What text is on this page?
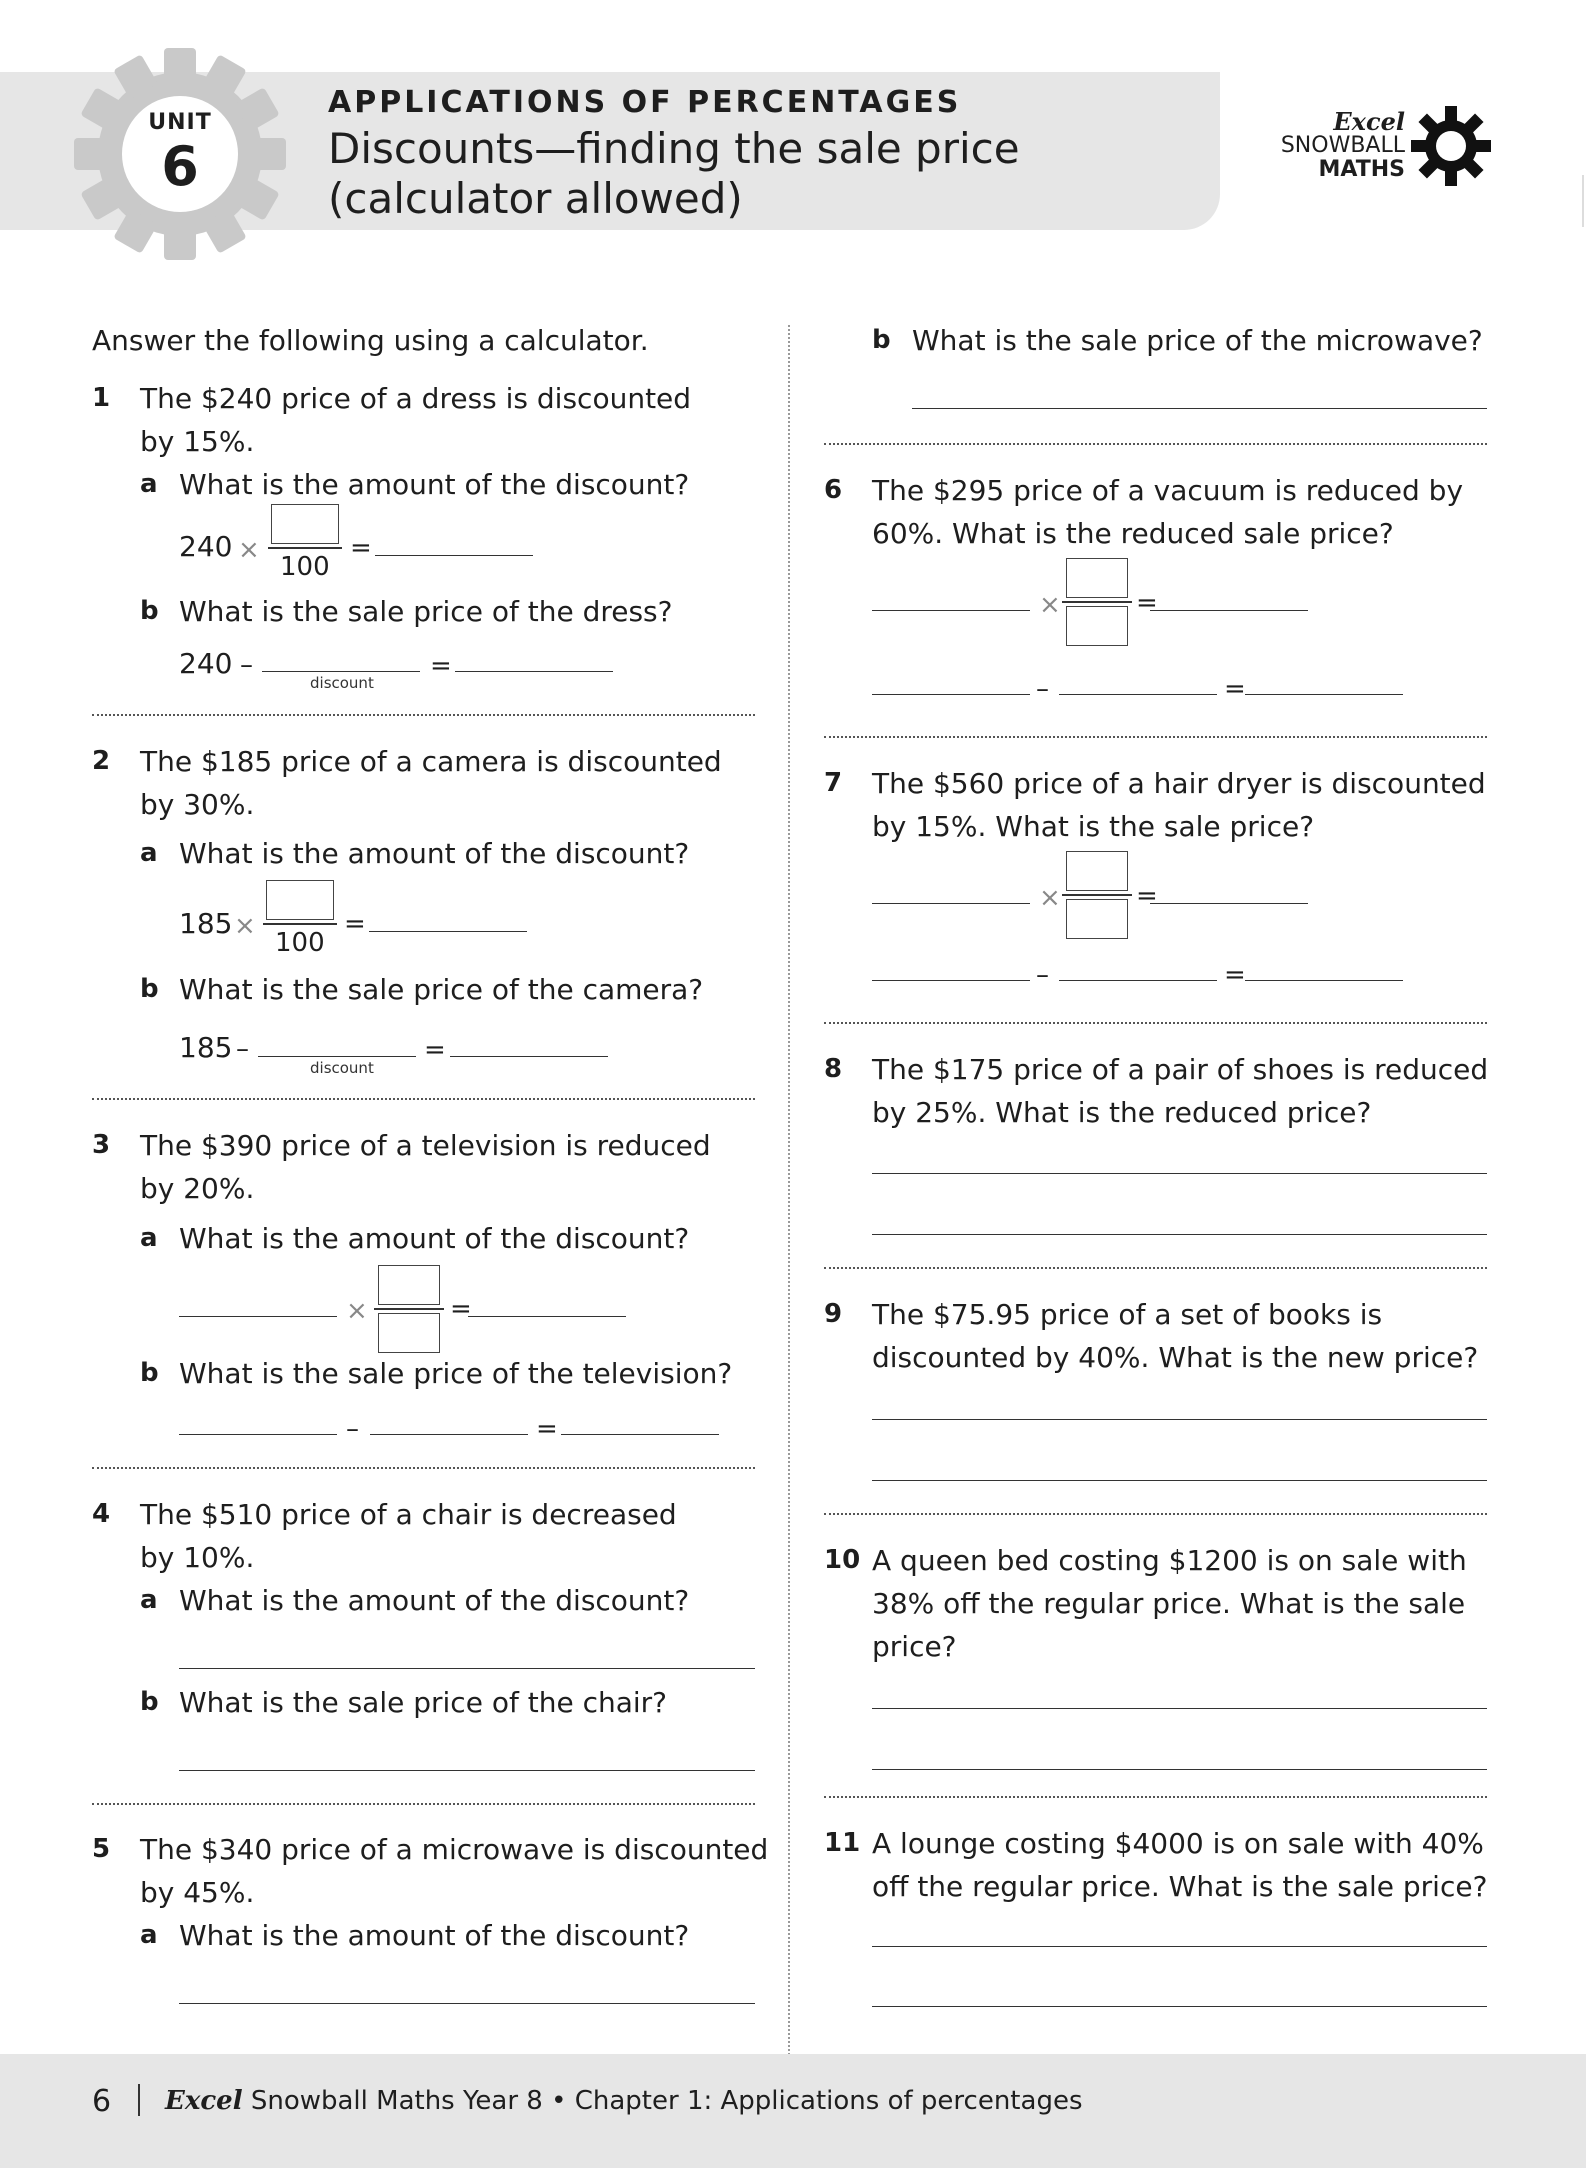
UNIT
6
APPLICATIONS OF PERCENTAGES
Discounts—finding the sale price
(calculator allowed)
Excel
SNOWBALL
MATHS
Answer the following using a calculator.
1 The $240 price of a dress is discounted
by 15%.
a What is the amount of the discount?
240 ×
100
=
b What is the sale price of the dress?
240 –
discount
=
2 The $185 price of a camera is discounted
by 30%.
a What is the amount of the discount?
185 ×
100
=
b What is the sale price of the camera?
185 –
discount
=
3 The $390 price of a television is reduced
by 20%.
a What is the amount of the discount?
×	=
b What is the sale price of the television?
–	=
4 The $510 price of a chair is decreased
by 10%.
a What is the amount of the discount?
b What is the sale price of the chair?
5 The $340 price of a microwave is discounted
by 45%.
a What is the amount of the discount?
b What is the sale price of the microwave?
6 The $295 price of a vacuum is reduced by
60%. What is the reduced sale price?
×	=
–	=
7 The $560 price of a hair dryer is discounted
by 15%. What is the sale price?
×	=
–	=
8 The $175 price of a pair of shoes is reduced
by 25%. What is the reduced price?
9 The $75.95 price of a set of books is
discounted by 40%. What is the new price?
10 A queen bed costing $1200 is on sale with
38% off the regular price. What is the sale
price?
11 A lounge costing $4000 is on sale with 40%
off the regular price. What is the sale price?
6 Excel Snowball Maths Year 8 • Chapter 1: Applications of percentages
